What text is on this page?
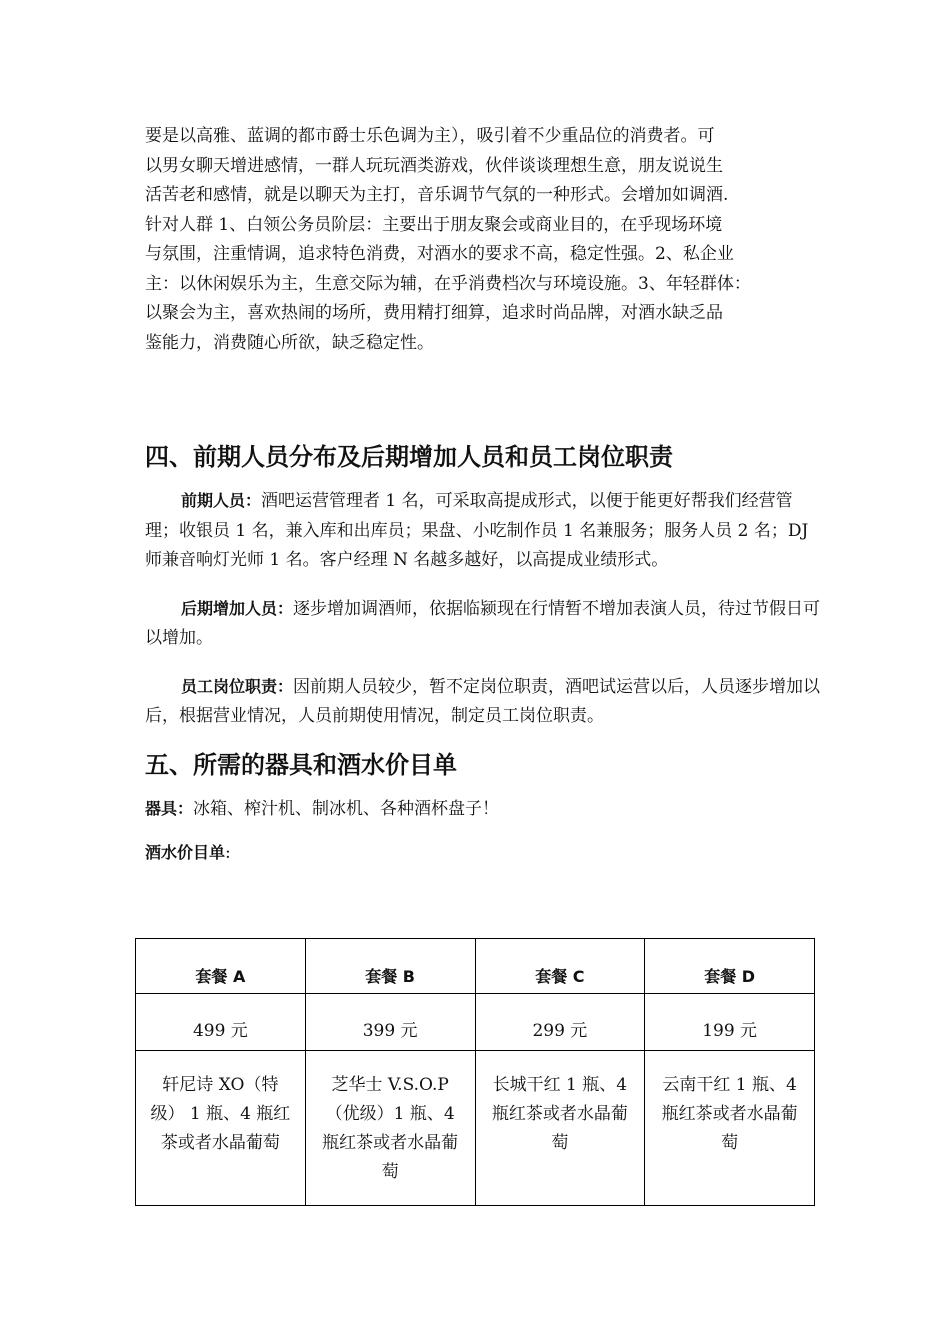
要是以高雅、蓝调的都市爵士乐色调为主），吸引着不少重品位的消费者。可

以男女聊天增进感情，一群人玩玩酒类游戏，伙伴谈谈理想生意，朋友说说生

活苦老和感情，就是以聊天为主打，音乐调节气氛的一种形式。会增加如调酒.

针对人群 1、白领公务员阶层：主要出于朋友聚会或商业目的，在乎现场环境

与氛围，注重情调，追求特色消费，对酒水的要求不高，稳定性强。2、私企业

主：以休闲娱乐为主，生意交际为辅，在乎消费档次与环境设施。3、年轻群体：

以聚会为主，喜欢热闹的场所，费用精打细算，追求时尚品牌，对酒水缺乏品

鉴能力，消费随心所欲，缺乏稳定性。

四、前期人员分布及后期增加人员和员工岗位职责

前期人员：酒吧运营管理者 1 名，可采取高提成形式，以便于能更好帮我们经营管理；收银员 1 名，兼入库和出库员；果盘、小吃制作员 1 名兼服务；服务人员 2 名；DJ 师兼音响灯光师 1 名。客户经理 N 名越多越好，以高提成业绩形式。

后期增加人员：逐步增加调酒师，依据临颍现在行情暂不增加表演人员，待过节假日可以增加。

员工岗位职责：因前期人员较少，暂不定岗位职责，酒吧试运营以后，人员逐步增加以后，根据营业情况，人员前期使用情况，制定员工岗位职责。

五、所需的器具和酒水价目单

器具：冰箱、榨汁机、制冰机、各种酒杯盘子！

酒水价目单:

套餐 A	套餐 B	套餐 C	套餐 D
499 元	399 元	299 元	199 元
轩尼诗 XO（特级） 1 瓶、4 瓶红茶或者水晶葡萄	芝华士 V.S.O.P（优级）1 瓶、4 瓶红茶或者水晶葡萄	长城干红 1 瓶、4 瓶红茶或者水晶葡萄	云南干红 1 瓶、4 瓶红茶或者水晶葡萄
